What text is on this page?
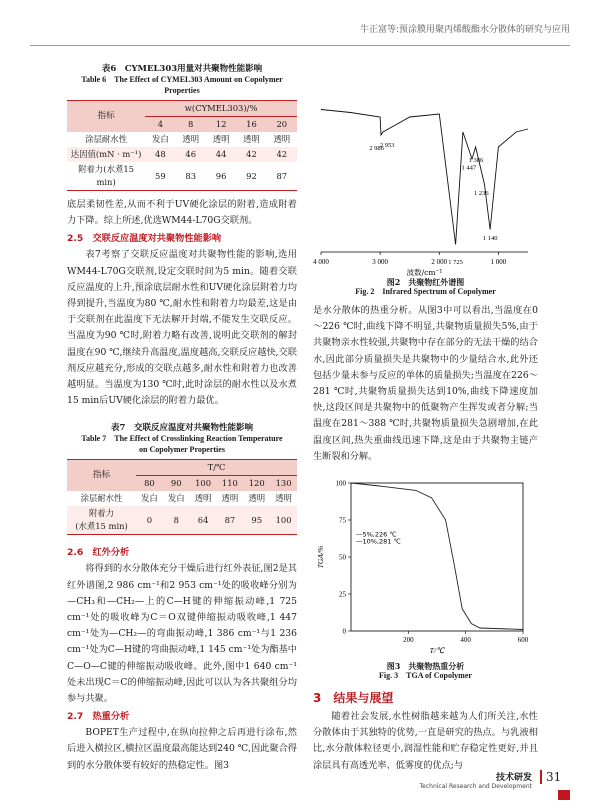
牛正富等:预涂膜用聚丙烯酸酯水分散体的研究与应用
表6　CYMEL303用量对共聚物性能影响
Table 6　The Effect of CYMEL303 Amount on Copolymer
Properties
指标	w(CYMEL303)/%				
	4	8	12	16	20
涂层耐水性	发白	透明	透明	透明	透明
达因值(mN · m⁻¹)	48	46	44	42	42
附着力(水煮15 min)	59	83	96	92	87

底层柔韧性差,从而不利于UV硬化涂层的附着,造成附着力下降。综上所述,优选WM44-L70G交联剂。

2.5　交联反应温度对共聚物性能影响

表7考察了交联反应温度对共聚物性能的影响,选用WM44-L70G交联剂,设定交联时间为5 min。随着交联反应温度的上升,预涂底层耐水性和UV硬化涂层附着力均得到提升,当温度为80 ℃,耐水性和附着力均最差,这是由于交联剂在此温度下无法解开封端,不能发生交联反应。当温度为90 ℃时,附着力略有改善,说明此交联剂的解封温度在90 ℃,继续升高温度,温度越高,交联反应越快,交联剂反应越充分,形成的交联点越多,耐水性和附着力也改善越明显。当温度为130 ℃时,此时涂层的耐水性以及水煮15 min后UV硬化涂层的附着力最优。

表7　交联反应温度对共聚物性能影响
Table 7　The Effect of Crosslinking Reaction Temperature
on Copolymer Properties
指标	T/℃					
	80	90	100	110	120	130
涂层耐水性	发白	发白	透明	透明	透明	透明
附着力
(水煮15 min)	0	8	64	87	95	100
2.6　红外分析

将得到的水分散体充分干燥后进行红外表征,图2是其红外谱图,2 986 cm⁻¹和2 953 cm⁻¹处的吸收峰分别为—CH₃和—CH₂—上的C—H键的伸缩振动峰,1 725 cm⁻¹处的吸收峰为C＝O双键伸缩振动吸收峰,1 447 cm⁻¹处为—CH₂—的弯曲振动峰,1 386 cm⁻¹与1 236 cm⁻¹处为C—H键的弯曲振动峰,1 145 cm⁻¹处为酯基中C—O—C键的伸缩振动吸收峰。此外,图中1 640 cm⁻¹处未出现C＝C的伸缩振动峰,因此可以认为各共聚组分均参与共聚。

2.7　热重分析

BOPET生产过程中,在纵向拉伸之后再进行涂布,然后进入横拉区,横拉区温度最高能达到240 ℃,因此聚合得到的水分散体要有较好的热稳定性。图3

4 000	3 000	2 000	1 000
波数/cm⁻¹
2 986
2 953
1 447
1 386
1 236
1 725
1 140
图2　共聚物红外谱图
Fig. 2　Infrared Spectrum of Copolymer

是水分散体的热重分析。从图3中可以看出,当温度在0～226 ℃时,曲线下降不明显,共聚物质量损失5%,由于共聚物亲水性较强,共聚物中存在部分的无法干燥的结合水,因此部分质量损失是共聚物中的少量结合水,此外还包括少量未参与反应的单体的质量损失;当温度在226～281 ℃时,共聚物质量损失达到10%,曲线下降速度加快,这段区间是共聚物中的低聚物产生挥发或者分解;当温度在281～388 ℃时,共聚物质量损失急剧增加,在此温度区间,热失重曲线迅速下降,这是由于共聚物主链产生断裂和分解。

100
75
50
25
0
200	400	600
T/℃
TGA/%
—5%,226 ℃
—10%,281 ℃
图3　共聚物热重分析
Fig. 3　TGA of Copolymer
3　结果与展望

随着社会发展,水性树脂越来越为人们所关注,水性分散体由于其独特的优势,一直是研究的热点。与乳液相比,水分散体粒径更小,润湿性能和贮存稳定性更好,并且涂层具有高透光率、低雾度的优点;与

技术研发
Technical Research and Development
31
